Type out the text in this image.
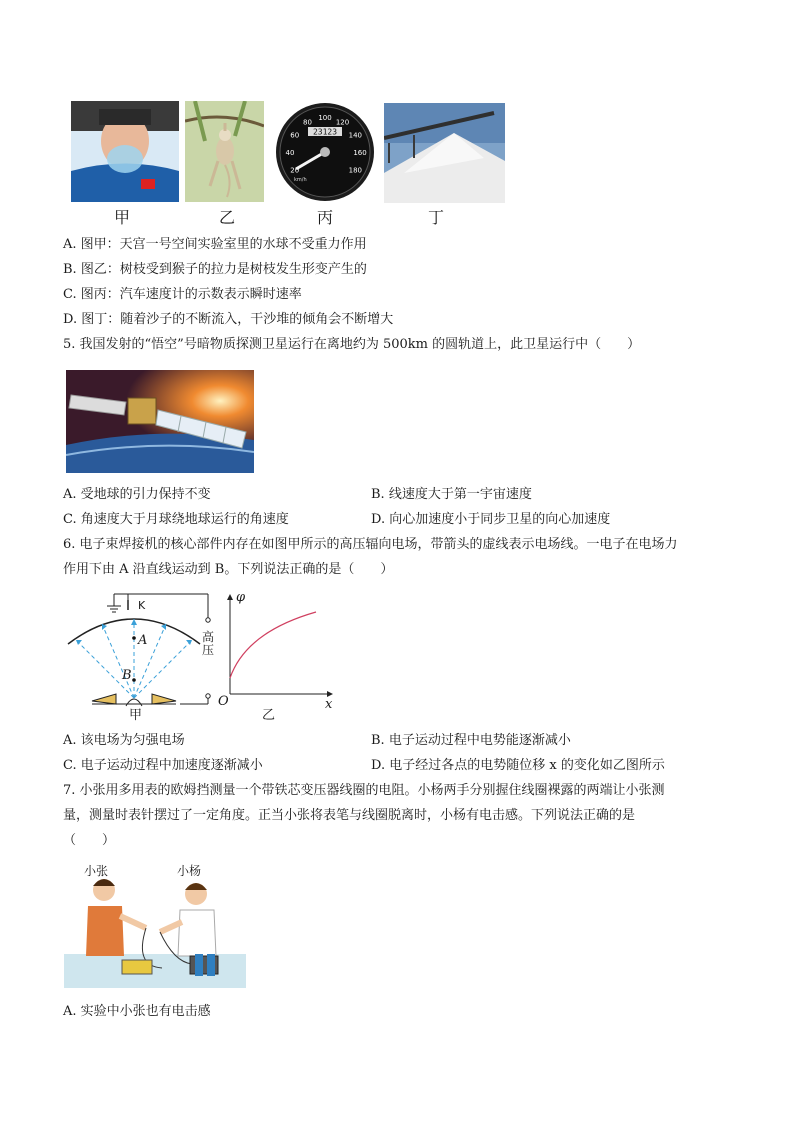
23123
km/h
20
40
60
80
100
120
140
160
180
甲	乙	丙	丁
A. 图甲：天宫一号空间实验室里的水球不受重力作用
B. 图乙：树枝受到猴子的拉力是树枝发生形变产生的
C. 图丙：汽车速度计的示数表示瞬时速率
D. 图丁：随着沙子的不断流入，干沙堆的倾角会不断增大
5. 我国发射的“悟空”号暗物质探测卫星运行在离地约为 500km 的圆轨道上，此卫星运行中（　　）
A. 受地球的引力保持不变	B. 线速度大于第一宇宙速度
C. 角速度大于月球绕地球运行的角速度	D. 向心加速度小于同步卫星的向心加速度
6. 电子束焊接机的核心部件内存在如图甲所示的高压辐向电场，带箭头的虚线表示电场线。一电子在电场力
作用下由 A 沿直线运动到 B。下列说法正确的是（　　）
K
A
B
高压
甲
φ
O
乙
x
A. 该电场为匀强电场	B. 电子运动过程中电势能逐渐减小
C. 电子运动过程中加速度逐渐减小	D. 电子经过各点的电势随位移 x 的变化如乙图所示
7. 小张用多用表的欧姆挡测量一个带铁芯变压器线圈的电阻。小杨两手分别握住线圈裸露的两端让小张测
量，测量时表针摆过了一定角度。正当小张将表笔与线圈脱离时，小杨有电击感。下列说法正确的是
（　　）
小张	小杨
A. 实验中小张也有电击感
